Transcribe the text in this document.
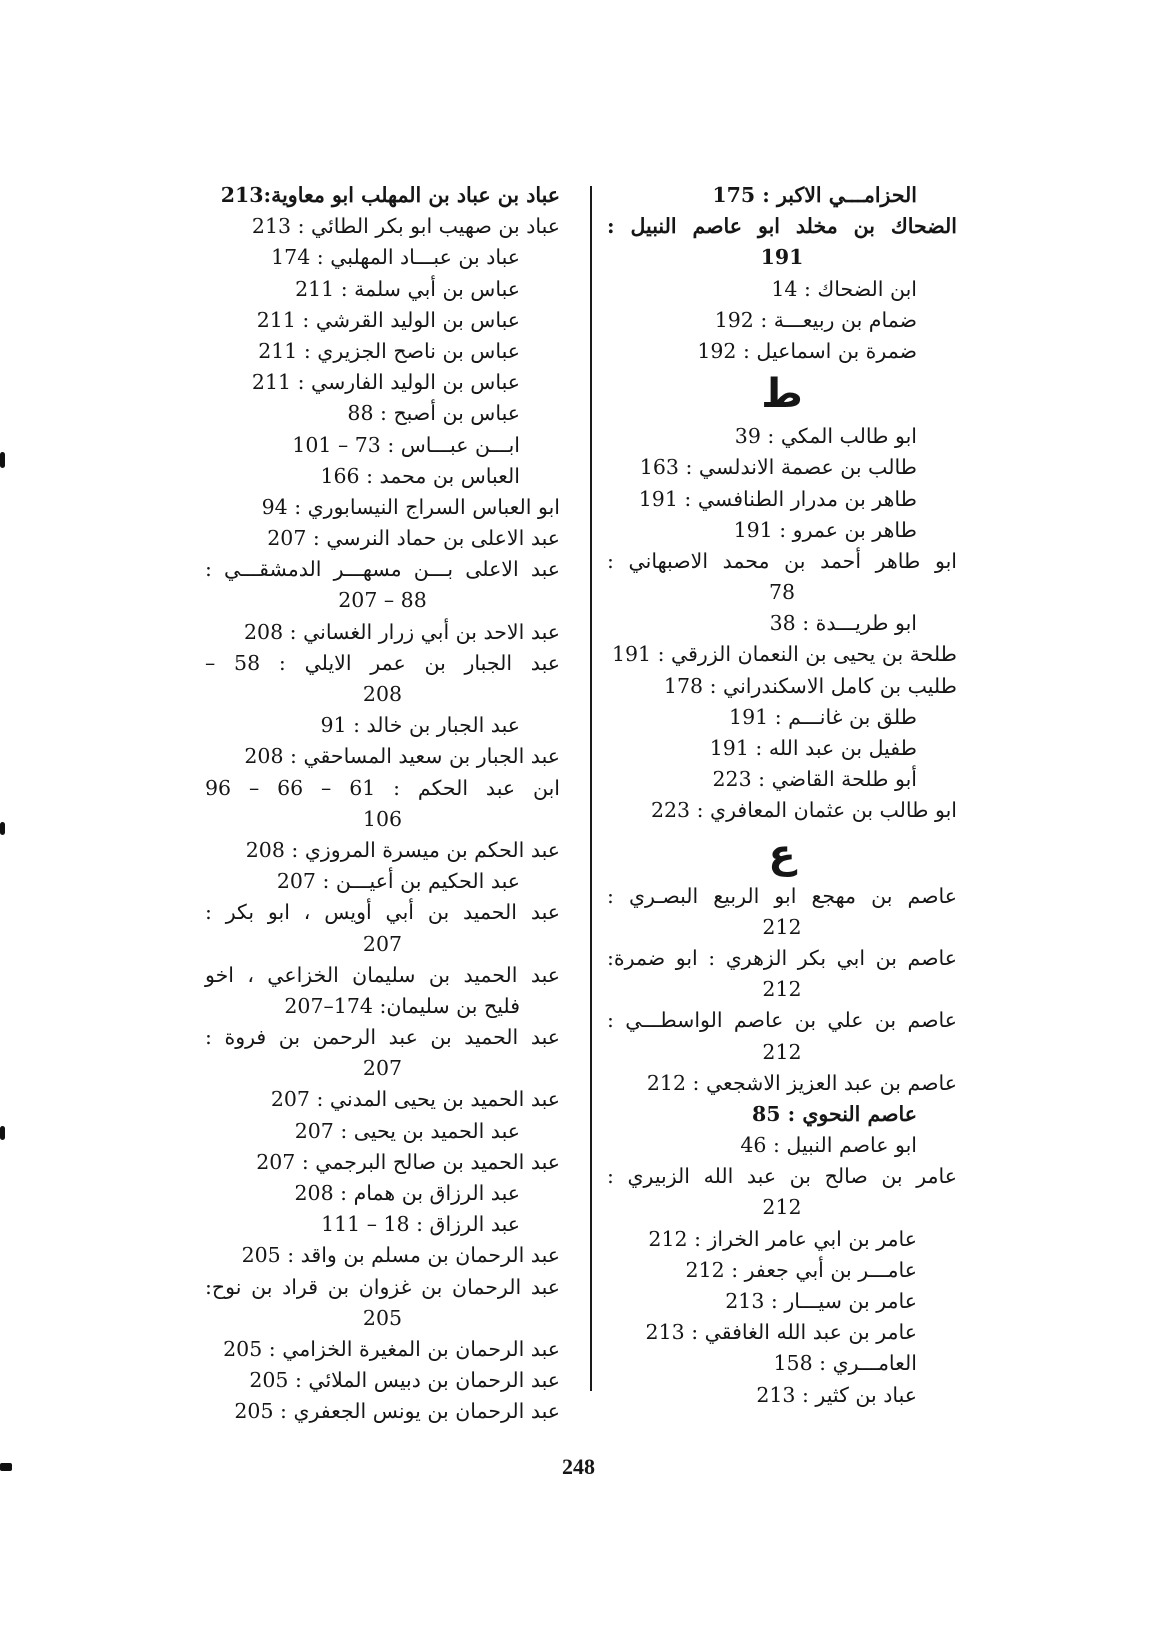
الحزامـــي الاكبر : 175
الضحاك بن مخلد ابو عاصم النبيل :
191
ابن الضحاك : 14
ضمام بن ربيعـــة : 192
ضمرة بن اسماعيل : 192
ط
ابو طالب المكي : 39
طالب بن عصمة الاندلسي : 163
طاهر بن مدرار الطنافسي : 191
طاهر بن عمرو : 191
ابو طاهر أحمد بن محمد الاصبهاني :
78
ابو طريـــدة : 38
طلحة بن يحيى بن النعمان الزرقي : 191
طليب بن كامل الاسكندراني : 178
طلق بن غانـــم : 191
طفيل بن عبد الله : 191
أبو طلحة القاضي : 223
ابو طالب بن عثمان المعافري : 223
ع
عاصم بن مهجع ابو الربيع البصـري :
212
عاصم بن ابي بكر الزهري : ابو ضمرة:
212
عاصم بن علي بن عاصم الواسطـــي :
212
عاصم بن عبد العزيز الاشجعي : 212
عاصم النحوي : 85
ابو عاصم النبيل : 46
عامر بن صالح بن عبد الله الزبيري :
212
عامر بن ابي عامر الخراز : 212
عامـــر بن أبي جعفر : 212
عامر بن سيـــار : 213
عامر بن عبد الله الغافقي : 213
العامـــري : 158
عباد بن كثير : 213
عباد بن عباد بن المهلب ابو معاوية:213
عباد بن صهيب ابو بكر الطائي : 213
عباد بن عبـــاد المهلبي : 174
عباس بن أبي سلمة : 211
عباس بن الوليد القرشي : 211
عباس بن ناصح الجزيري : 211
عباس بن الوليد الفارسي : 211
عباس بن أصبح : 88
ابـــن عبـــاس : 73 – 101
العباس بن محمد : 166
ابو العباس السراج النيسابوري : 94
عبد الاعلى بن حماد النرسي : 207
عبد الاعلى بـــن مسهـــر الدمشقـــي :
88 – 207
عبد الاحد بن أبي زرار الغساني : 208
عبد الجبار بن عمر الايلي : 58 –
208
عبد الجبار بن خالد : 91
عبد الجبار بن سعيد المساحقي : 208
ابن عبد الحكم : 61 – 66 – 96
106
عبد الحكم بن ميسرة المروزي : 208
عبد الحكيم بن أعيـــن : 207
عبد الحميد بن أبي أويس ، ابو بكر :
207
عبد الحميد بن سليمان الخزاعي ، اخو
فليح بن سليمان: 174–207
عبد الحميد بن عبد الرحمن بن فروة :
207
عبد الحميد بن يحيى المدني : 207
عبد الحميد بن يحيى : 207
عبد الحميد بن صالح البرجمي : 207
عبد الرزاق بن همام : 208
عبد الرزاق : 18 – 111
عبد الرحمان بن مسلم بن واقد : 205
عبد الرحمان بن غزوان بن قراد بن نوح:
205
عبد الرحمان بن المغيرة الخزامي : 205
عبد الرحمان بن دبيس الملائي : 205
عبد الرحمان بن يونس الجعفري : 205
248
